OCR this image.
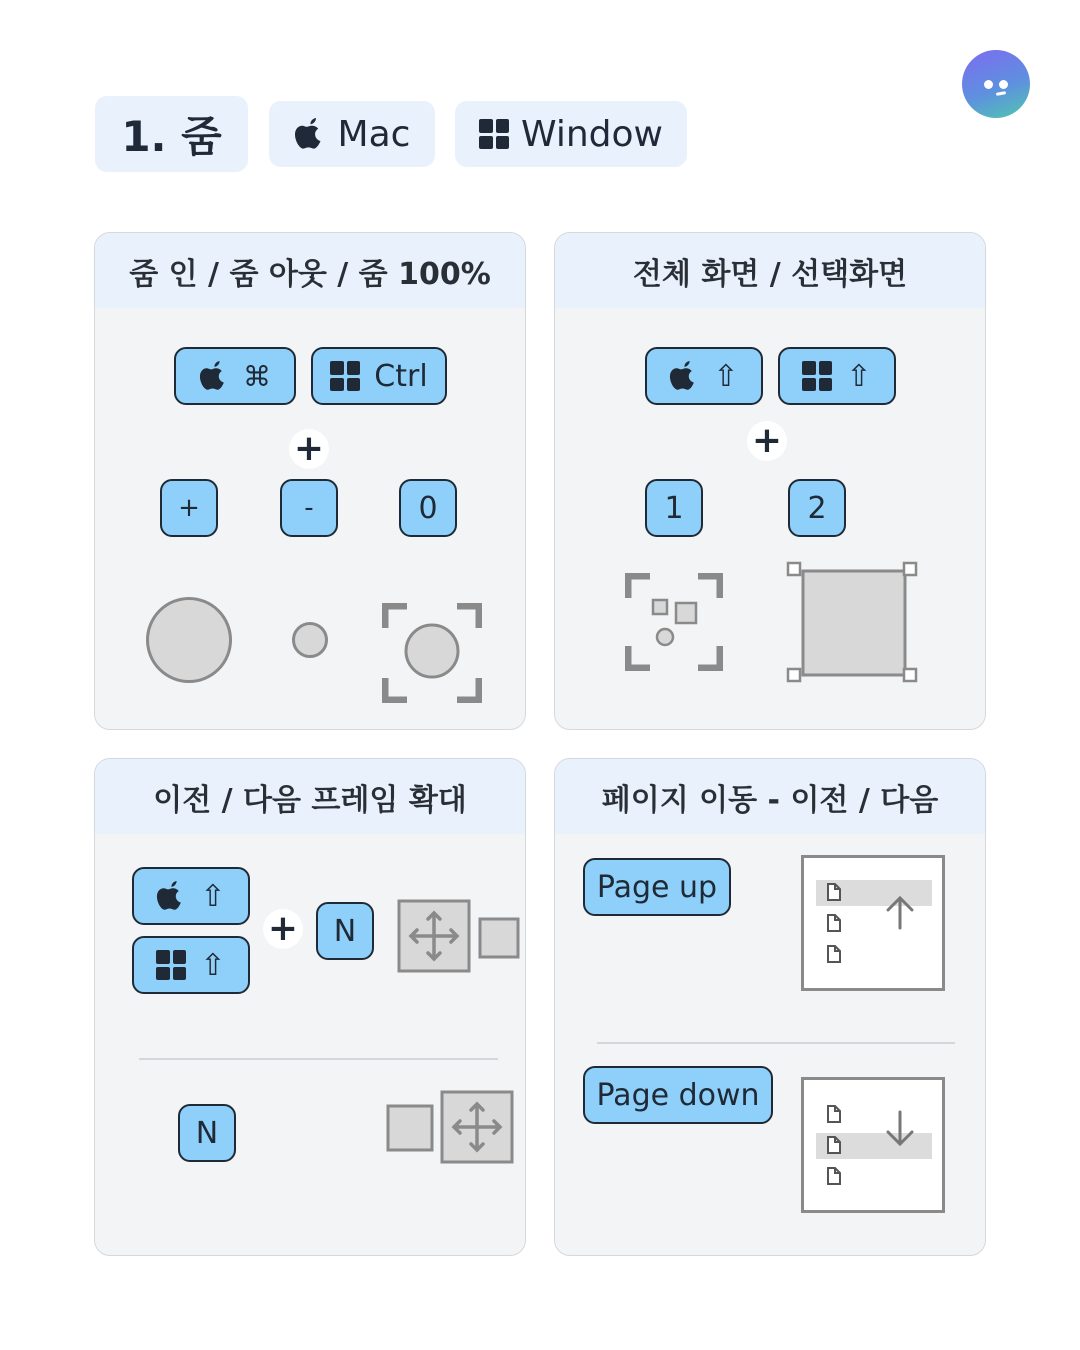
1. 줌	Mac	Window
줌 인 / 줌 아웃 / 줌 100%
⌘	Ctrl
+
+	-	0
전체 화면 / 선택화면
⇧	⇧
+
1	2
이전 / 다음 프레임 확대
⇧
⇧
+	N
N
페이지 이동 - 이전 / 다음
Page up
Page down
